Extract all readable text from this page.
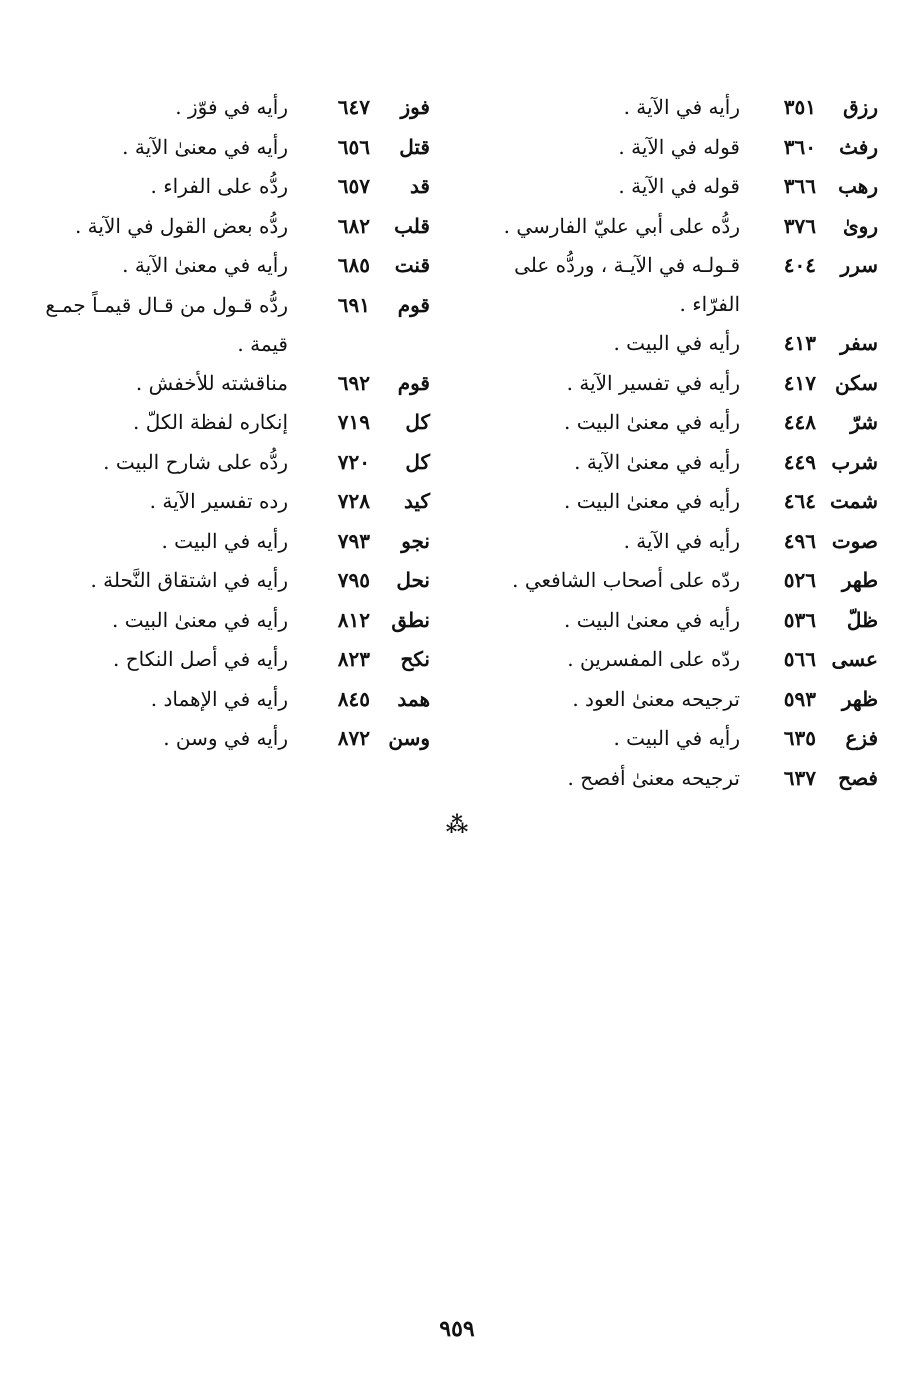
رزق
٣٥١
رأيه في الآية .
رفث
٣٦٠
قوله في الآية .
رهب
٣٦٦
قوله في الآية .
روىٰ
٣٧٦
ردُّه على أبي عليّ الفارسي .
سرر
٤٠٤
قـولـه في الآيـة ، وردُّه على الفرّاء .
سفر
٤١٣
رأيه في البيت .
سكن
٤١٧
رأيه في تفسير الآية .
شرّ
٤٤٨
رأيه في معنىٰ البيت .
شرب
٤٤٩
رأيه في معنىٰ الآية .
شمت
٤٦٤
رأيه في معنىٰ البيت .
صوت
٤٩٦
رأيه في الآية .
طهر
٥٢٦
ردّه على أصحاب الشافعي .
ظلّ
٥٣٦
رأيه في معنىٰ البيت .
عسى
٥٦٦
ردّه على المفسرين .
ظهر
٥٩٣
ترجيحه معنىٰ العود .
فزع
٦٣٥
رأيه في البيت .
فصح
٦٣٧
ترجيحه معنىٰ أفصح .
فوز
٦٤٧
رأيه في فوّز .
قتل
٦٥٦
رأيه في معنىٰ الآية .
قد
٦٥٧
ردُّه على الفراء .
قلب
٦٨٢
ردُّه بعض القول في الآية .
قنت
٦٨٥
رأيه في معنىٰ الآية .
قوم
٦٩١
ردُّه قـول من قـال قيمـاً جمـع قيمة .
قوم
٦٩٢
مناقشته للأخفش .
كل
٧١٩
إنكاره لفظة الكلّ .
كل
٧٢٠
ردُّه على شارح البيت .
كيد
٧٢٨
رده تفسير الآية .
نجو
٧٩٣
رأيه في البيت .
نحل
٧٩٥
رأيه في اشتقاق النَّحلة .
نطق
٨١٢
رأيه في معنىٰ البيت .
نكح
٨٢٣
رأيه في أصل النكاح .
همد
٨٤٥
رأيه في الإهماد .
وسن
٨٧٢
رأيه في وسن .
⁂
٩٥٩
